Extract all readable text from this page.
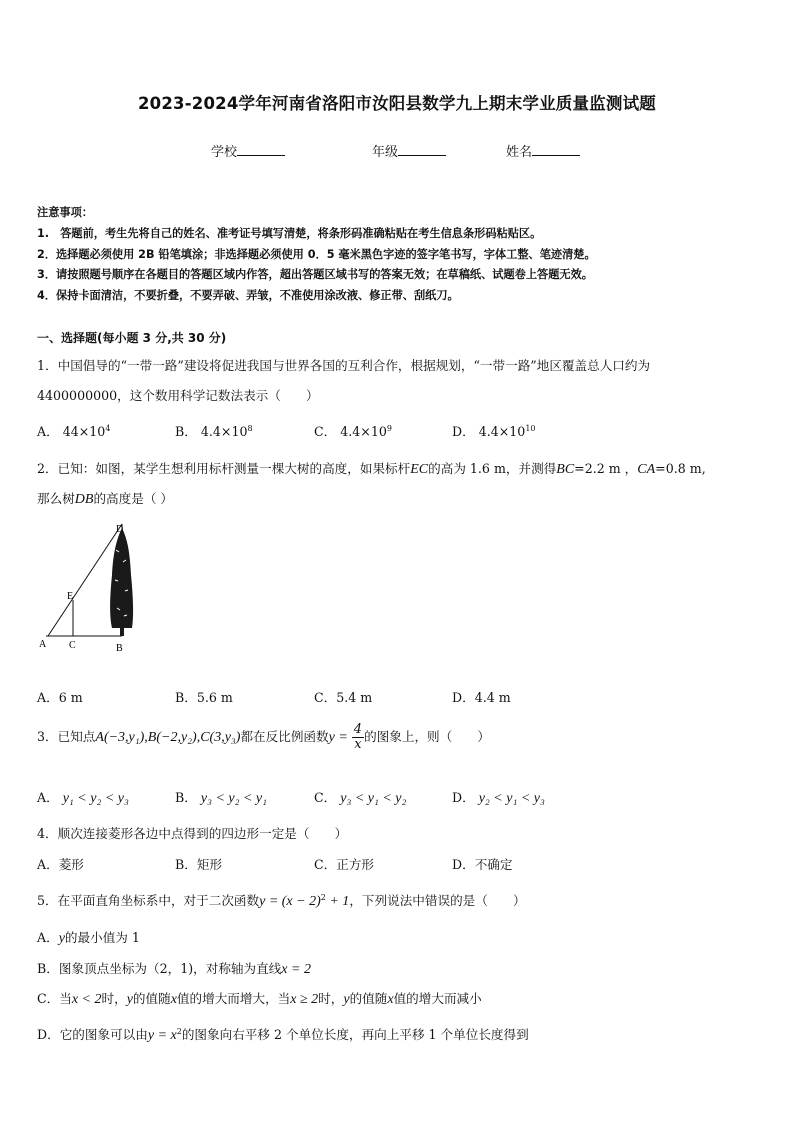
2023-2024学年河南省洛阳市汝阳县数学九上期末学业质量监测试题
学校	年级	姓名
注意事项：
1.　答题前，考生先将自己的姓名、准考证号填写清楚，将条形码准确粘贴在考生信息条形码粘贴区。
2．选择题必须使用 2B 铅笔填涂；非选择题必须使用 0．5 毫米黑色字迹的签字笔书写，字体工整、笔迹清楚。
3．请按照题号顺序在各题目的答题区域内作答，超出答题区域书写的答案无效；在草稿纸、试题卷上答题无效。
4．保持卡面清洁，不要折叠，不要弄破、弄皱，不准使用涂改液、修正带、刮纸刀。
一、选择题(每小题 3 分,共 30 分)
1．中国倡导的“一带一路”建设将促进我国与世界各国的互利合作，根据规划，“一带一路”地区覆盖总人口约为
4400000000，这个数用科学记数法表示（　　）
A． $44\times 10^4$	B． $4.4\times 10^8$	C． $4.4\times 10^9$	D． $4.4\times 10^{10}$
2．已知：如图，某学生想利用标杆测量一棵大树的高度，如果标杆EC的高为 1.6 m，并测得BC=2.2 m ，CA=0.8 m,
那么树DB的高度是（ ）
D
E
A C	B
A．6 m	B．5.6 m	C．5.4 m	D．4.4 m
3．已知点A(−3,y₁),B(−2,y₂),C(3,y₃)都在反比例函数$y = \frac{4}{x}$ 的图象上，则（　　）
A． y₁ < y₂ < y₃	B． y₃ < y₂ < y₁	C． y₃ < y₁ < y₂	D． y₂ < y₁ < y₃
4．顺次连接菱形各边中点得到的四边形一定是（　　）
A．菱形	B．矩形	C．正方形	D．不确定
5．在平面直角坐标系中，对于二次函数$y = (x - 2)^2 + 1$，下列说法中错误的是（　　）
A．y的最小值为 1
B．图象顶点坐标为（2，1)，对称轴为直线x = 2
C．当x < 2时，y的值随x值的增大而增大，当x ≥ 2时，y的值随x值的增大而减小
D．它的图象可以由$y = x^2$的图象向右平移 2 个单位长度，再向上平移 1 个单位长度得到
